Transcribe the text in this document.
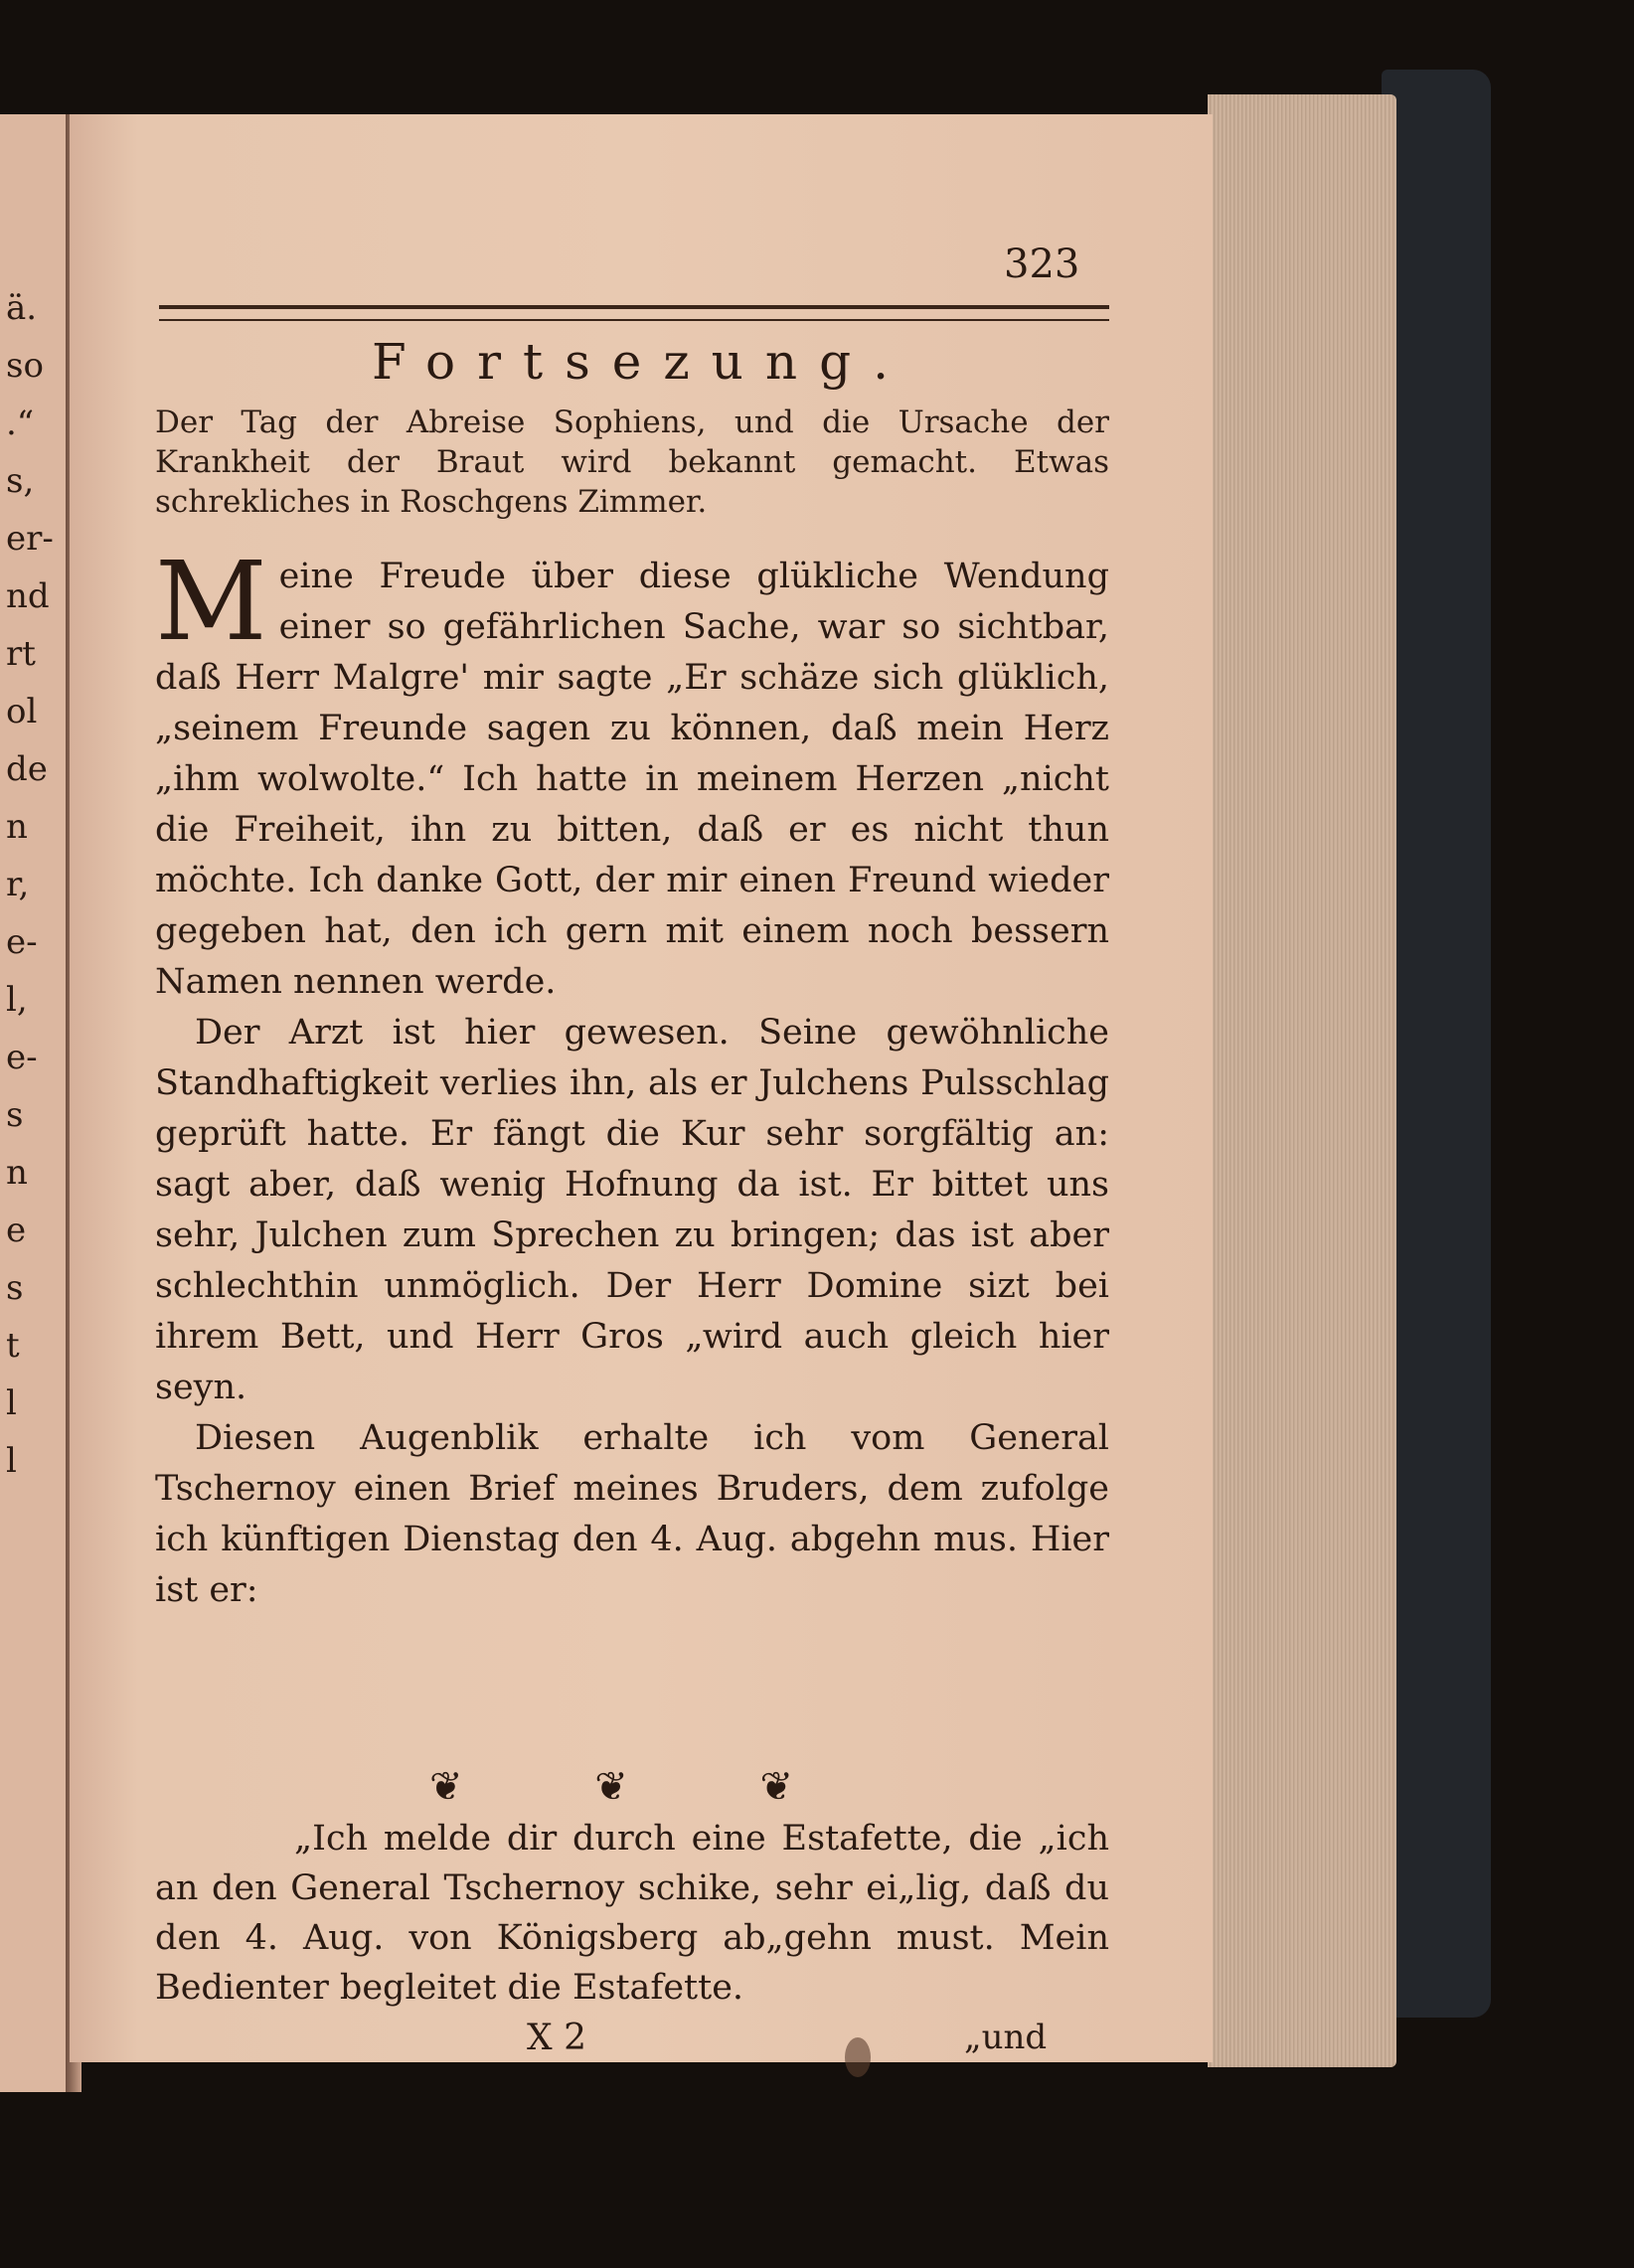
ä.
so
.“
s,
er-
nd
rt
ol
de
n
r,
e-
l,
e-
s
n
e
s
t
l
l
323
Fortsezung.
Der Tag der Abreise Sophiens, und die Ursache der Krankheit der Braut wird bekannt gemacht. Etwas schrekliches in Roschgens Zimmer.

Meine Freude über diese glükliche Wendung einer so gefährlichen Sache, war so sichtbar, daß Herr Malgre' mir sagte „Er schäze sich glüklich, „seinem Freunde sagen zu können, daß mein Herz „ihm wolwolte.“ Ich hatte in meinem Herzen „nicht die Freiheit, ihn zu bitten, daß er es nicht thun möchte. Ich danke Gott, der mir einen Freund wieder gegeben hat, den ich gern mit einem noch bessern Namen nennen werde.

Der Arzt ist hier gewesen. Seine gewöhnliche Standhaftigkeit verlies ihn, als er Julchens Pulsschlag geprüft hatte. Er fängt die Kur sehr sorgfältig an: sagt aber, daß wenig Hofnung da ist. Er bittet uns sehr, Julchen zum Sprechen zu bringen; das ist aber schlechthin unmöglich. Der Herr Domine sizt bei ihrem Bett, und Herr Gros „wird auch gleich hier seyn.

Diesen Augenblik erhalte ich vom General Tschernoy einen Brief meines Bruders, dem zufolge ich künftigen Dienstag den 4. Aug. abgehn mus. Hier ist er:

❦ ❦ ❦

„Ich melde dir durch eine Estafette, die „ich an den General Tschernoy schike, sehr ei„lig, daß du den 4. Aug. von Königsberg ab„gehn must. Mein Bedienter begleitet die Estafette.

X 2	„und
